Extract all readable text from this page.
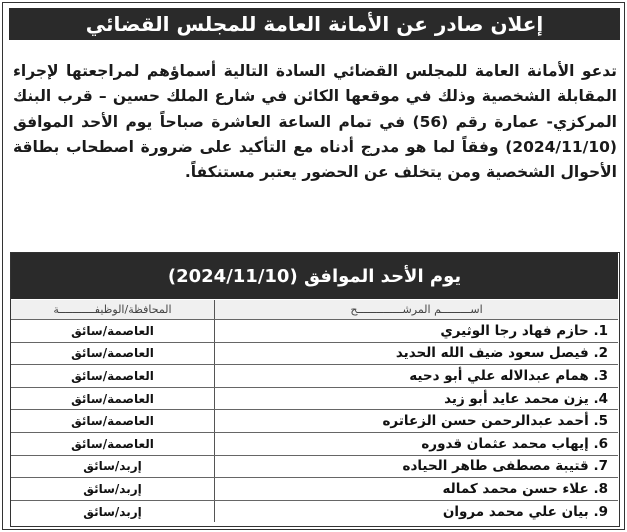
إعلان صادر عن الأمانة العامة للمجلس القضائي

تدعو الأمانة العامة للمجلس القضائي السادة التالية أسماؤهم لمراجعتها لإجراء المقابلة الشخصية وذلك في موقعها الكائن في شارع الملك حسين – قرب البنك المركزي- عمارة رقم (56) في تمام الساعة العاشرة صباحاً يوم الأحد الموافق (2024/11/10) وفقاً لما هو مدرج أدناه مع التأكيد على ضرورة اصطحاب بطاقة الأحوال الشخصية ومن يتخلف عن الحضور يعتبر مستنكفاً.

يوم الأحد الموافق (2024/11/10)
اســـــــــم المرشــــــــــــــح
المحافظة/الوظيفـــــــــــة
1. حازم فهاد رجا الوثيري
العاصمة/سائق
2. فيصل سعود ضيف الله الحديد
العاصمة/سائق
3. همام عبدالاله علي أبو دحيه
العاصمة/سائق
4. يزن محمد عايد أبو زيد
العاصمة/سائق
5. أحمد عبدالرحمن حسن الزعاتره
العاصمة/سائق
6. إيهاب محمد عثمان قدوره
العاصمة/سائق
7. قتيبة مصطفى طاهر الحياده
إربد/سائق
8. علاء حسن محمد كماله
إربد/سائق
9. بيان علي محمد مروان
إربد/سائق
